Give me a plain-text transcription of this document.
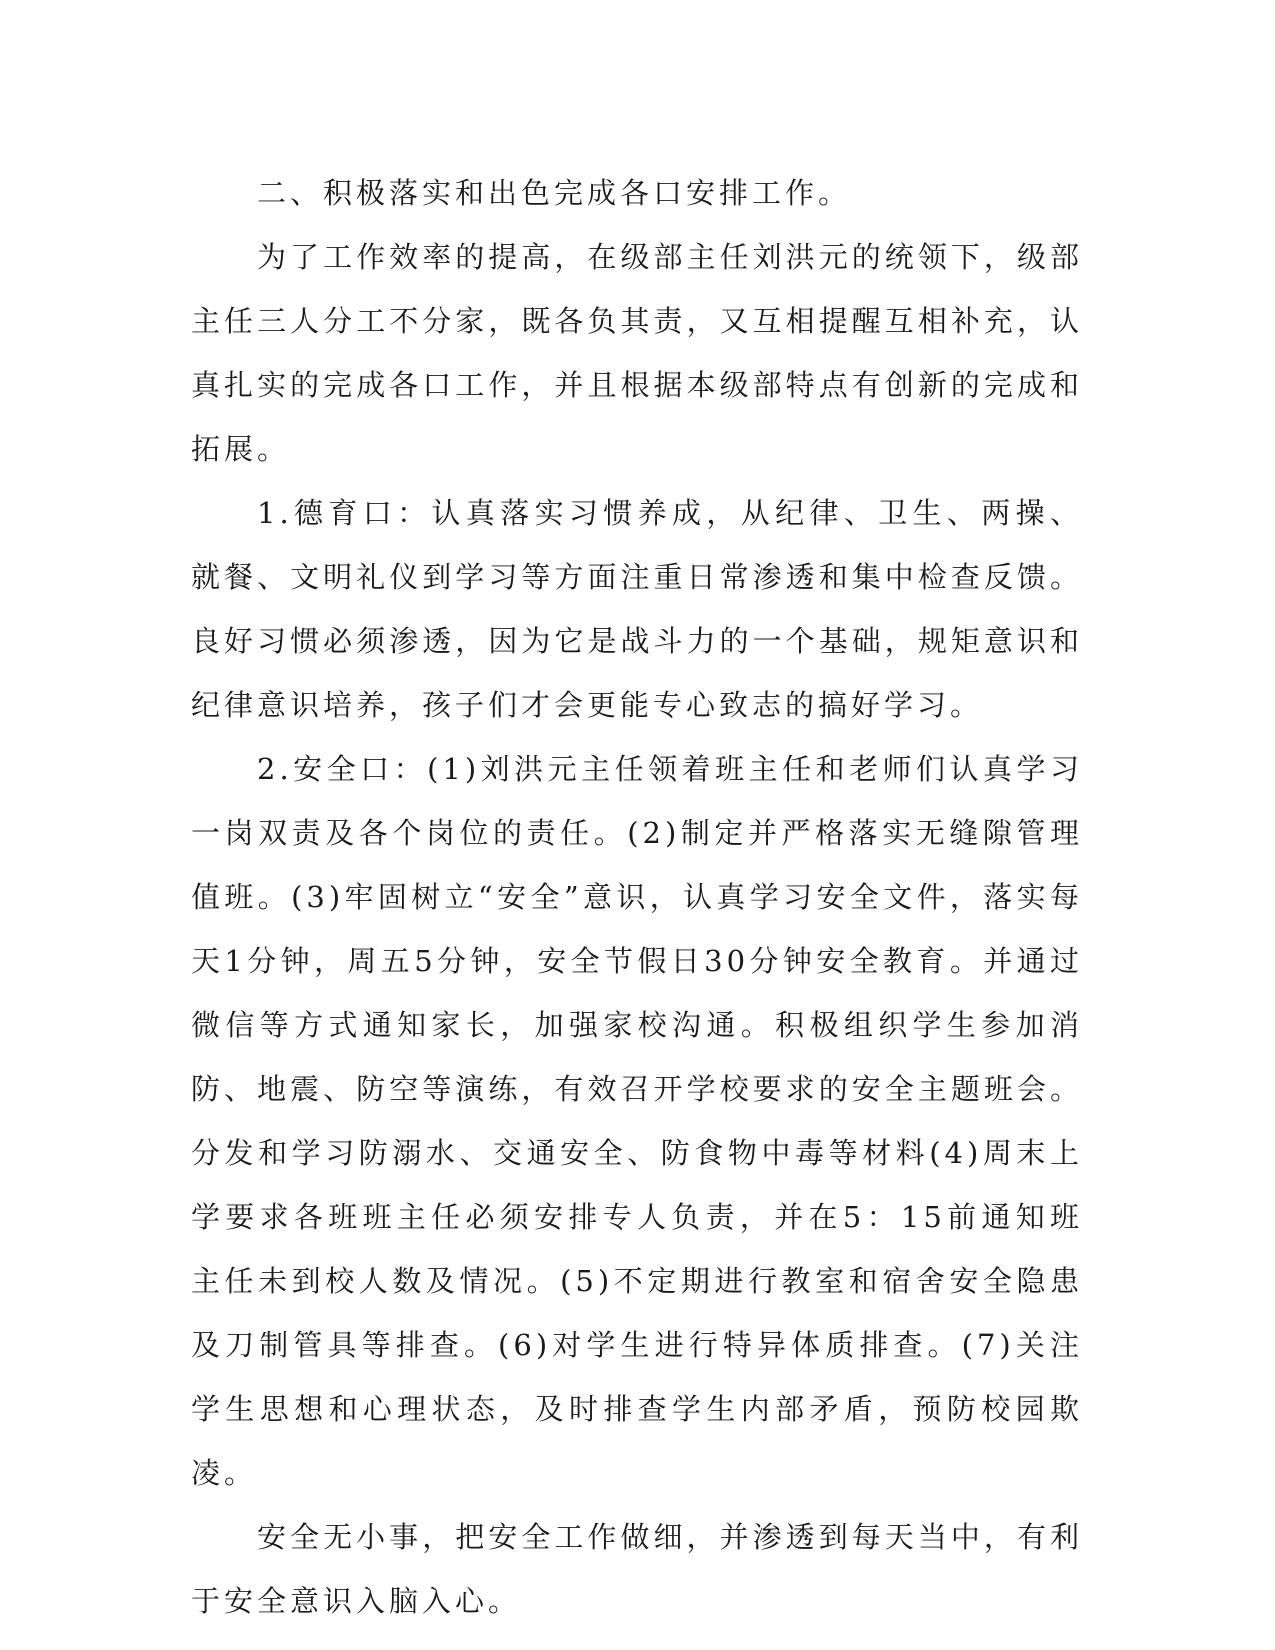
二、积极落实和出色完成各口安排工作。

为了工作效率的提高，在级部主任刘洪元的统领下，级部主任三人分工不分家，既各负其责，又互相提醒互相补充，认真扎实的完成各口工作，并且根据本级部特点有创新的完成和拓展。

1.德育口：认真落实习惯养成，从纪律、卫生、两操、就餐、文明礼仪到学习等方面注重日常渗透和集中检查反馈。良好习惯必须渗透，因为它是战斗力的一个基础，规矩意识和纪律意识培养，孩子们才会更能专心致志的搞好学习。

2.安全口：(1)刘洪元主任领着班主任和老师们认真学习一岗双责及各个岗位的责任。(2)制定并严格落实无缝隙管理值班。(3)牢固树立“安全”意识，认真学习安全文件，落实每天1分钟，周五5分钟，安全节假日30分钟安全教育。并通过微信等方式通知家长，加强家校沟通。积极组织学生参加消防、地震、防空等演练，有效召开学校要求的安全主题班会。分发和学习防溺水、交通安全、防食物中毒等材料(4)周末上学要求各班班主任必须安排专人负责，并在5：15前通知班主任未到校人数及情况。(5)不定期进行教室和宿舍安全隐患及刀制管具等排查。(6)对学生进行特异体质排查。(7)关注学生思想和心理状态，及时排查学生内部矛盾，预防校园欺凌。

安全无小事，把安全工作做细，并渗透到每天当中，有利于安全意识入脑入心。
